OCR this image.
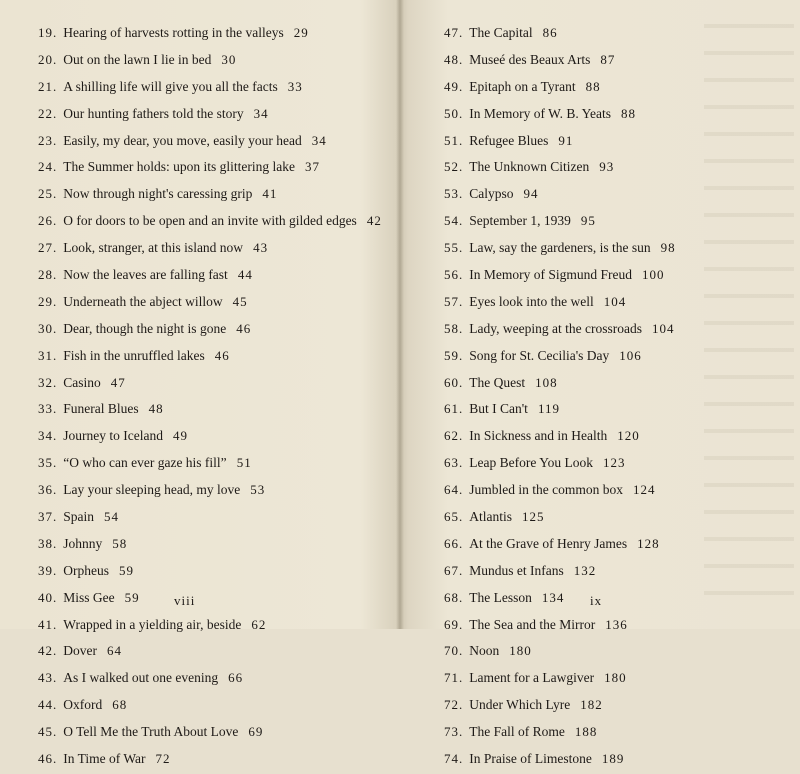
19. Hearing of harvests rotting in the valleys 29
20. Out on the lawn I lie in bed 30
21. A shilling life will give you all the facts 33
22. Our hunting fathers told the story 34
23. Easily, my dear, you move, easily your head 34
24. The Summer holds: upon its glittering lake 37
25. Now through night's caressing grip 41
26. O for doors to be open and an invite with gilded edges 42
27. Look, stranger, at this island now 43
28. Now the leaves are falling fast 44
29. Underneath the abject willow 45
30. Dear, though the night is gone 46
31. Fish in the unruffled lakes 46
32. Casino 47
33. Funeral Blues 48
34. Journey to Iceland 49
35. “O who can ever gaze his fill” 51
36. Lay your sleeping head, my love 53
37. Spain 54
38. Johnny 58
39. Orpheus 59
40. Miss Gee 59
41. Wrapped in a yielding air, beside 62
42. Dover 64
43. As I walked out one evening 66
44. Oxford 68
45. O Tell Me the Truth About Love 69
46. In Time of War 72
viii
47. The Capital 86
48. Museé des Beaux Arts 87
49. Epitaph on a Tyrant 88
50. In Memory of W. B. Yeats 88
51. Refugee Blues 91
52. The Unknown Citizen 93
53. Calypso 94
54. September 1, 1939 95
55. Law, say the gardeners, is the sun 98
56. In Memory of Sigmund Freud 100
57. Eyes look into the well 104
58. Lady, weeping at the crossroads 104
59. Song for St. Cecilia's Day 106
60. The Quest 108
61. But I Can't 119
62. In Sickness and in Health 120
63. Leap Before You Look 123
64. Jumbled in the common box 124
65. Atlantis 125
66. At the Grave of Henry James 128
67. Mundus et Infans 132
68. The Lesson 134
69. The Sea and the Mirror 136
70. Noon 180
71. Lament for a Lawgiver 180
72. Under Which Lyre 182
73. The Fall of Rome 188
74. In Praise of Limestone 189
ix
